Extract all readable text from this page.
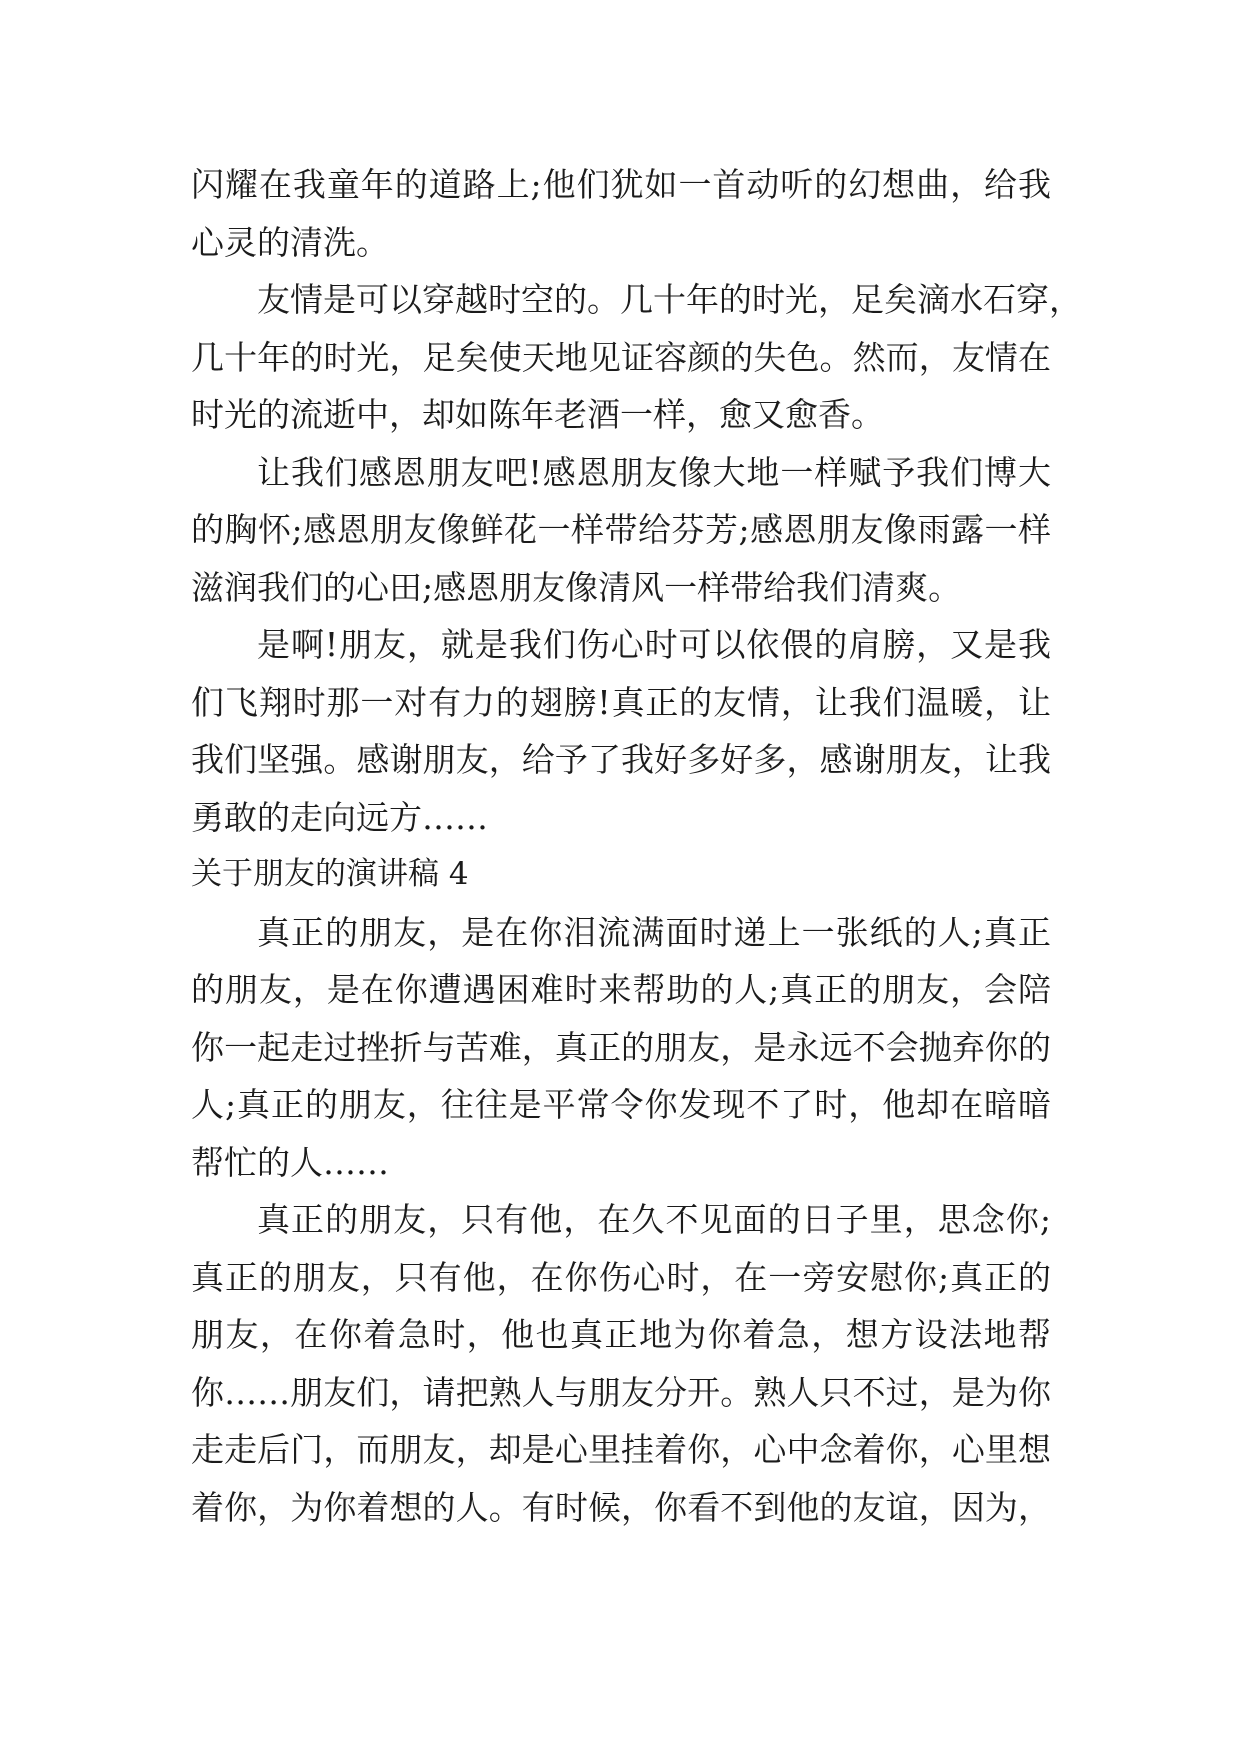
闪耀在我童年的道路上;他们犹如一首动听的幻想曲，给我
心灵的清洗。
友情是可以穿越时空的。几十年的时光，足矣滴水石穿，
几十年的时光，足矣使天地见证容颜的失色。然而，友情在
时光的流逝中，却如陈年老酒一样，愈又愈香。
让我们感恩朋友吧!感恩朋友像大地一样赋予我们博大
的胸怀;感恩朋友像鲜花一样带给芬芳;感恩朋友像雨露一样
滋润我们的心田;感恩朋友像清风一样带给我们清爽。
是啊!朋友，就是我们伤心时可以依偎的肩膀，又是我
们飞翔时那一对有力的翅膀!真正的友情，让我们温暖，让
我们坚强。感谢朋友，给予了我好多好多，感谢朋友，让我
勇敢的走向远方……
关于朋友的演讲稿 4
真正的朋友，是在你泪流满面时递上一张纸的人;真正
的朋友，是在你遭遇困难时来帮助的人;真正的朋友，会陪
你一起走过挫折与苦难，真正的朋友，是永远不会抛弃你的
人;真正的朋友，往往是平常令你发现不了时，他却在暗暗
帮忙的人……
真正的朋友，只有他，在久不见面的日子里，思念你;
真正的朋友，只有他，在你伤心时，在一旁安慰你;真正的
朋友，在你着急时，他也真正地为你着急，想方设法地帮
你……朋友们，请把熟人与朋友分开。熟人只不过，是为你
走走后门，而朋友，却是心里挂着你，心中念着你，心里想
着你，为你着想的人。有时候，你看不到他的友谊，因为，
